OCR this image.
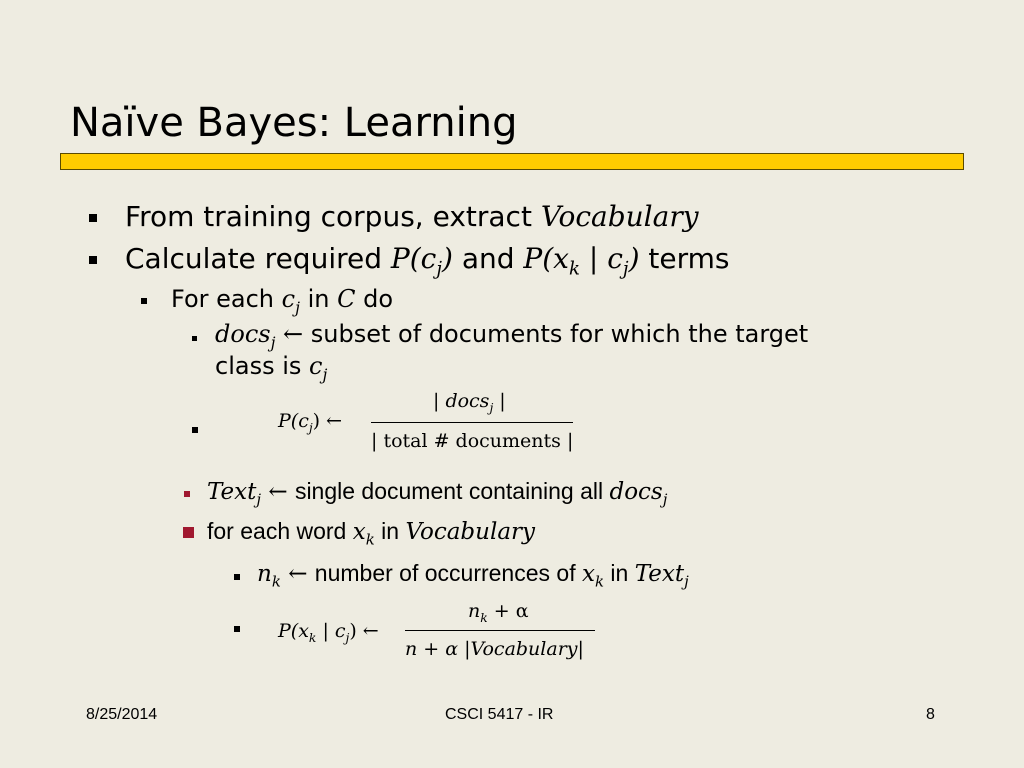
Naïve Bayes: Learning
From training corpus, extract Vocabulary
Calculate required $P(c_j)$ and $P(x_k$ | $c_j$) terms
For each $c_j$ in C do
docs$_j$ ← subset of documents for which the target
class is $c_j$
$P(c_j)$ ←
| docs$_j$ |
| total # documents |
Text$_j$ ← single document containing all docs$_j$
for each word $x_k$ in Vocabulary
$n_k$ ← number of occurrences of $x_k$ in Text$_j$
$P(x_k$ | $c_j$) ←
$n_k + \alpha$
n + α |Vocabulary|
8/25/2014	CSCI 5417 - IR	8
